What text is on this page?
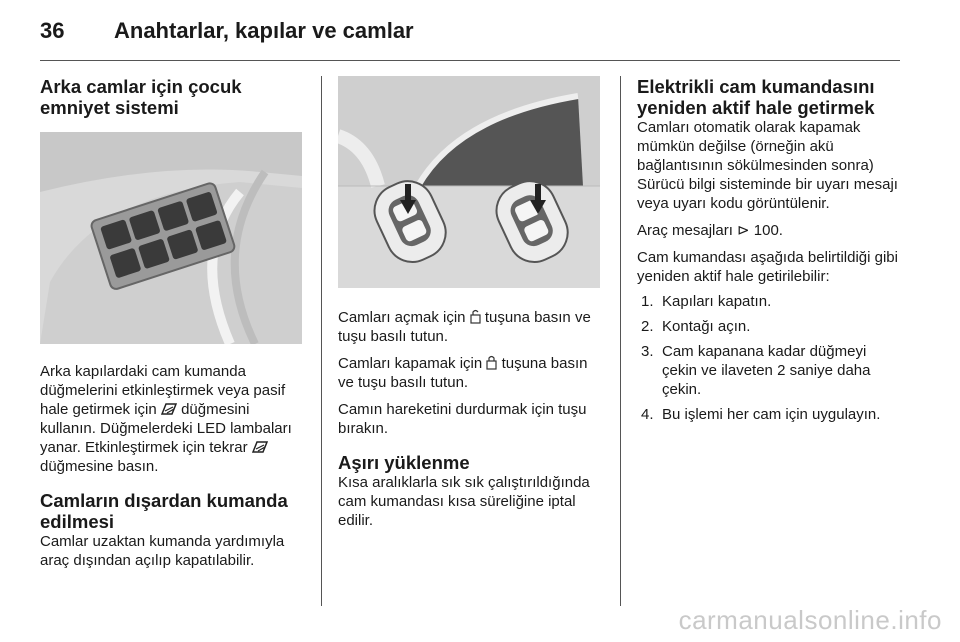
36 Anahtarlar, kapılar ve camlar
Arka camlar için çocuk emniyet sistemi

Arka kapılardaki cam kumanda düğmelerini etkinleştirmek veya pasif hale getirmek için düğmesini kullanın. Düğmelerdeki LED lambaları yanar. Etkinleştirmek için tekrar  düğmesine basın.

Camların dışardan kumanda edilmesi

Camlar uzaktan kumanda yardımıyla araç dışından açılıp kapatılabilir.

Camları açmak için tuşuna basın ve tuşu basılı tutun.

Camları kapamak için tuşuna basın ve tuşu basılı tutun.

Camın hareketini durdurmak için tuşu bırakın.

Aşırı yüklenme

Kısa aralıklarla sık sık çalıştırıldığında cam kumandası kısa süreliğine iptal edilir.

Elektrikli cam kumandasını yeniden aktif hale getirmek

Camları otomatik olarak kapamak mümkün değilse (örneğin akü bağlantısının sökülmesinden sonra) Sürücü bilgi sisteminde bir uyarı mesajı veya uyarı kodu görüntülenir.

Araç mesajları ⊳ 100.

Cam kumandası aşağıda belirtildiği gibi yeniden aktif hale getirilebilir:

1. Kapıları kapatın.
2. Kontağı açın.
3. Cam kapanana kadar düğmeyi çekin ve ilaveten 2 saniye daha çekin.
4. Bu işlemi her cam için uygulayın.
carmanualsonline.info
